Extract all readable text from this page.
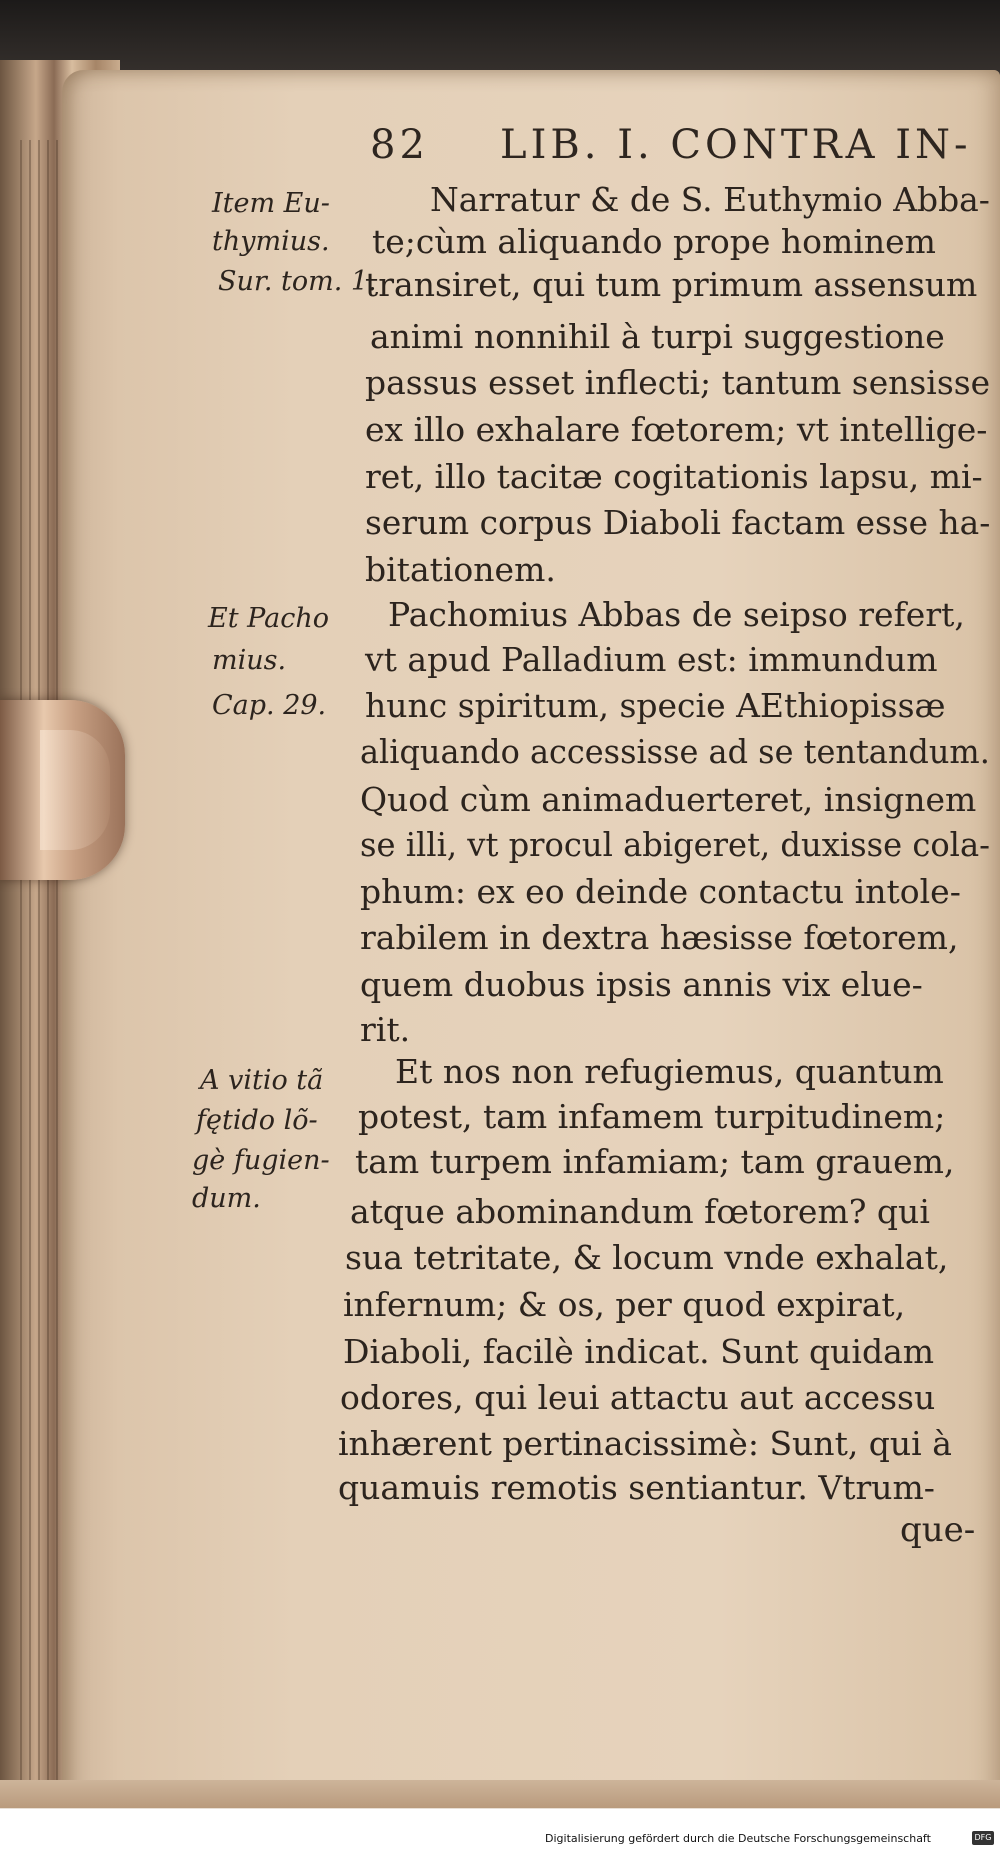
82 LIB. I. CONTRA IN-
Item Eu-
thymius.
Sur. tom. 1.
Et Pacho
mius.
Cap. 29.
A vitio tã
fętido lõ-
gè fugien-
dum.
Narratur & de S. Euthymio Abba-
te;cùm aliquando prope hominem
transiret, qui tum primum assensum
animi nonnihil à turpi suggestione
passus esset inflecti; tantum sensisse
ex illo exhalare fœtorem; vt intellige-
ret, illo tacitæ cogitationis lapsu, mi-
serum corpus Diaboli factam esse ha-
bitationem.
Pachomius Abbas de seipso refert,
vt apud Palladium est: immundum
hunc spiritum, specie AEthiopissæ
aliquando accessisse ad se tentandum.
Quod cùm animaduerteret, insignem
se illi, vt procul abigeret, duxisse cola-
phum: ex eo deinde contactu intole-
rabilem in dextra hæsisse fœtorem,
quem duobus ipsis annis vix elue-
rit.
Et nos non refugiemus, quantum
potest, tam infamem turpitudinem;
tam turpem infamiam; tam grauem,
atque abominandum fœtorem? qui
sua tetritate, & locum vnde exhalat,
infernum; & os, per quod expirat,
Diaboli, facilè indicat. Sunt quidam
odores, qui leui attactu aut accessu
inhærent pertinacissimè: Sunt, qui à
quamuis remotis sentiantur. Vtrum-
que-
Digitalisierung gefördert durch die Deutsche Forschungsgemeinschaft	DFG
